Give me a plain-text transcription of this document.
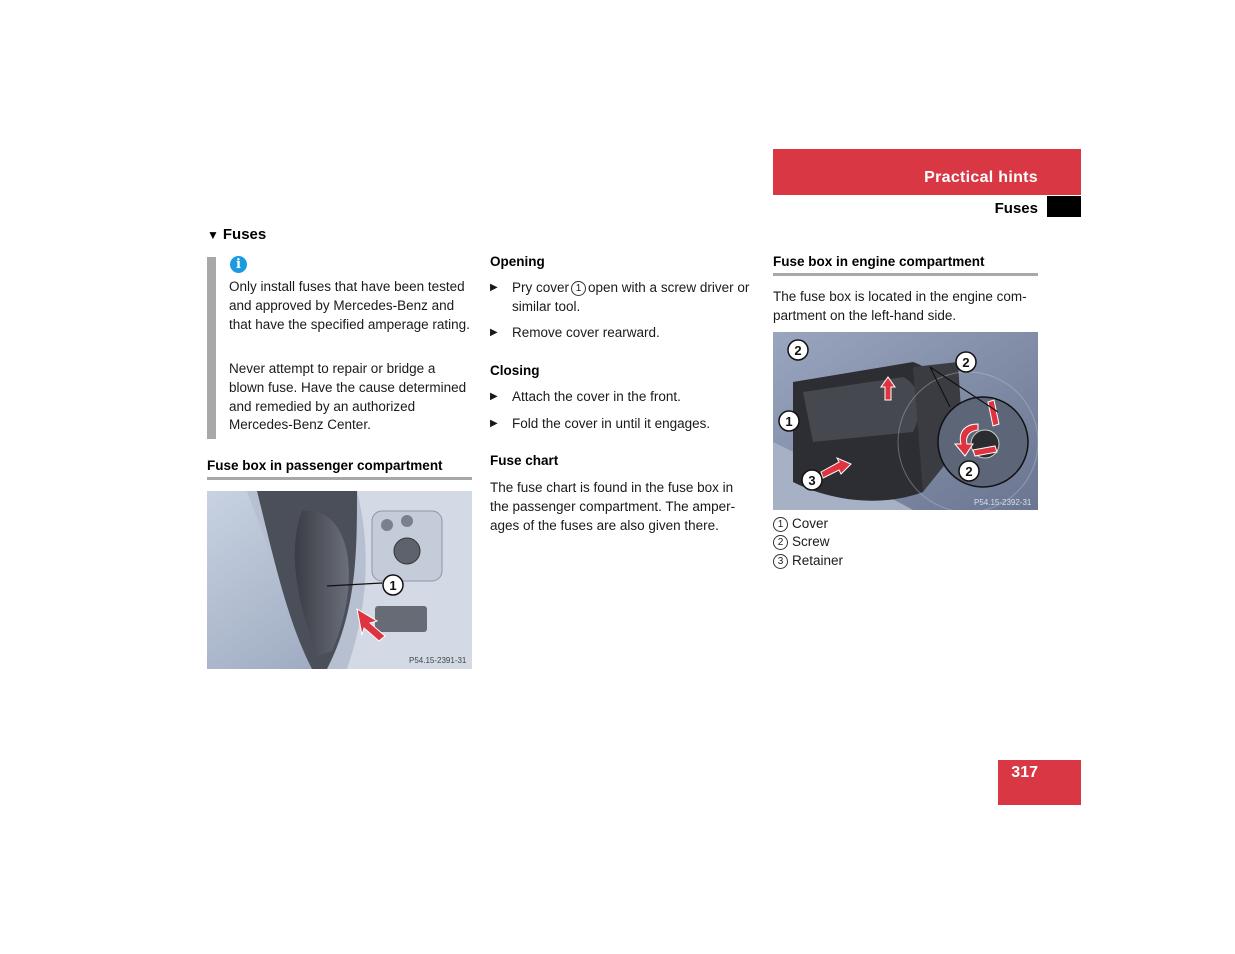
Practical hints
Fuses
▼ Fuses
i
Only install fuses that have been tested and approved by Mercedes-Benz and that have the specified amperage rating.
Never attempt to repair or bridge a blown fuse. Have the cause determined and remedied by an authorized Mercedes-Benz Center.
Fuse box in passenger compartment
1
P54.15-2391-31
Opening
▶ Pry cover 1 open with a screw driver or similar tool.
▶ Remove cover rearward.
Closing
▶ Attach the cover in the front.
▶ Fold the cover in until it engages.
Fuse chart
The fuse chart is found in the fuse box in the passenger compartment. The amperages of the fuses are also given there.
Fuse box in engine compartment
The fuse box is located in the engine compartment on the left-hand side.
2
2
1
3
2
P54.15-2392-31
1 Cover
2 Screw
3 Retainer
317
